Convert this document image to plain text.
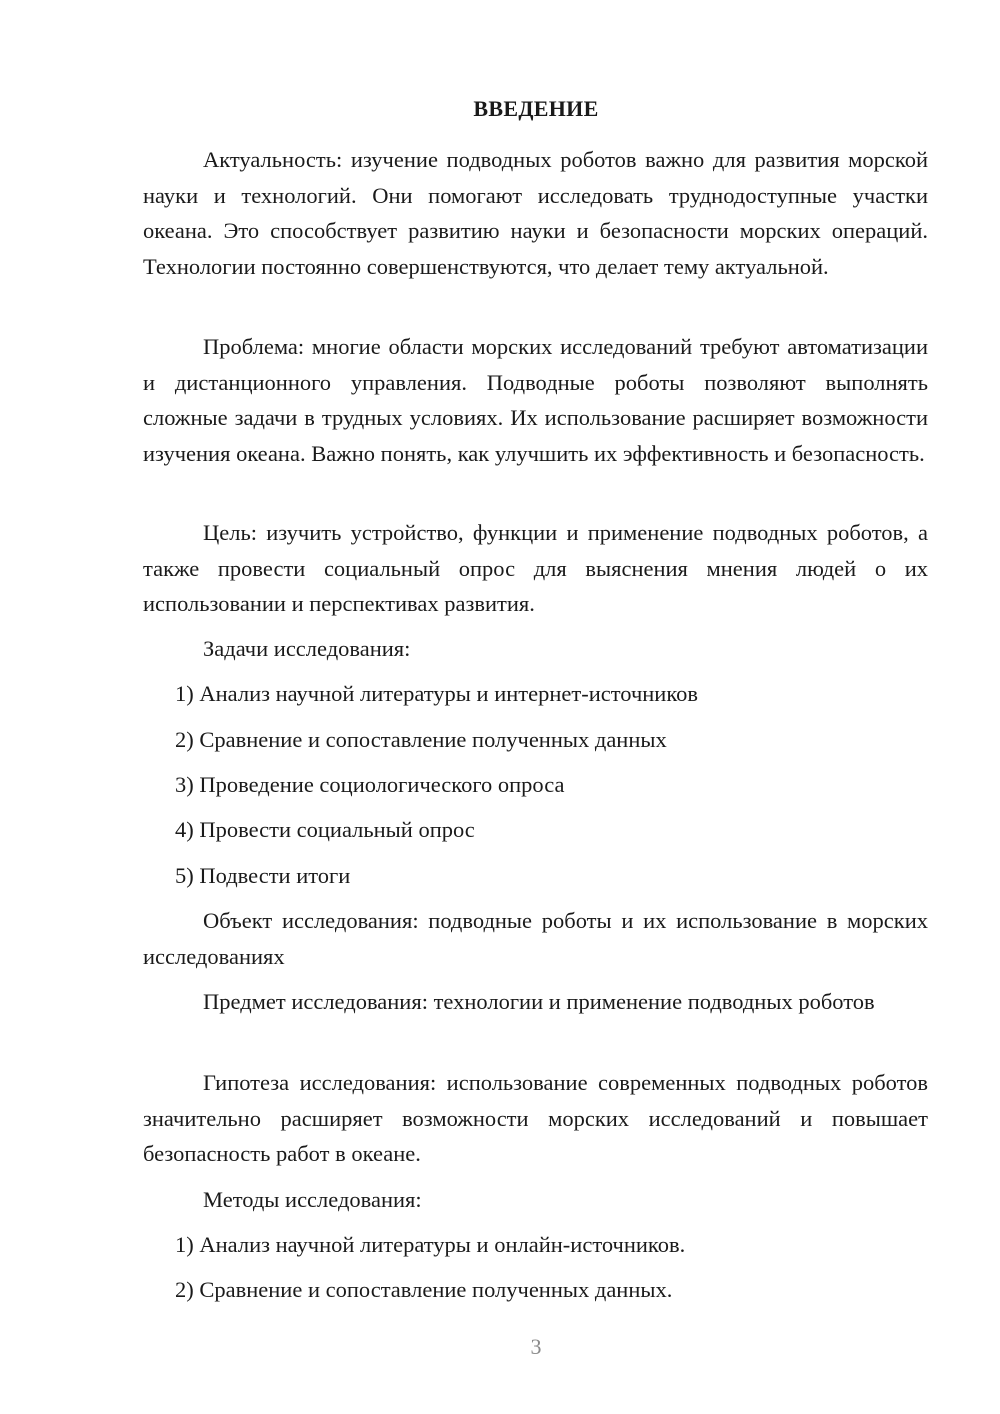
ВВЕДЕНИЕ

Актуальность: изучение подводных роботов важно для развития морской науки и технологий. Они помогают исследовать труднодоступные участки океана. Это способствует развитию науки и безопасности морских операций. Технологии постоянно совершенствуются, что делает тему актуальной.

Проблема: многие области морских исследований требуют автоматизации и дистанционного управления. Подводные роботы позволяют выполнять сложные задачи в трудных условиях. Их использование расширяет возможности изучения океана. Важно понять, как улучшить их эффективность и безопасность.

Цель: изучить устройство, функции и применение подводных роботов, а также провести социальный опрос для выяснения мнения людей о их использовании и перспективах развития.

Задачи исследования:

1) Анализ научной литературы и интернет-источников

2) Сравнение и сопоставление полученных данных

3) Проведение социологического опроса

4) Провести социальный опрос

5) Подвести итоги

Объект исследования: подводные роботы и их использование в морских исследованиях

Предмет исследования: технологии и применение подводных роботов

Гипотеза исследования: использование современных подводных роботов значительно расширяет возможности морских исследований и повышает безопасность работ в океане.

Методы исследования:

1) Анализ научной литературы и онлайн-источников.

2) Сравнение и сопоставление полученных данных.

3
